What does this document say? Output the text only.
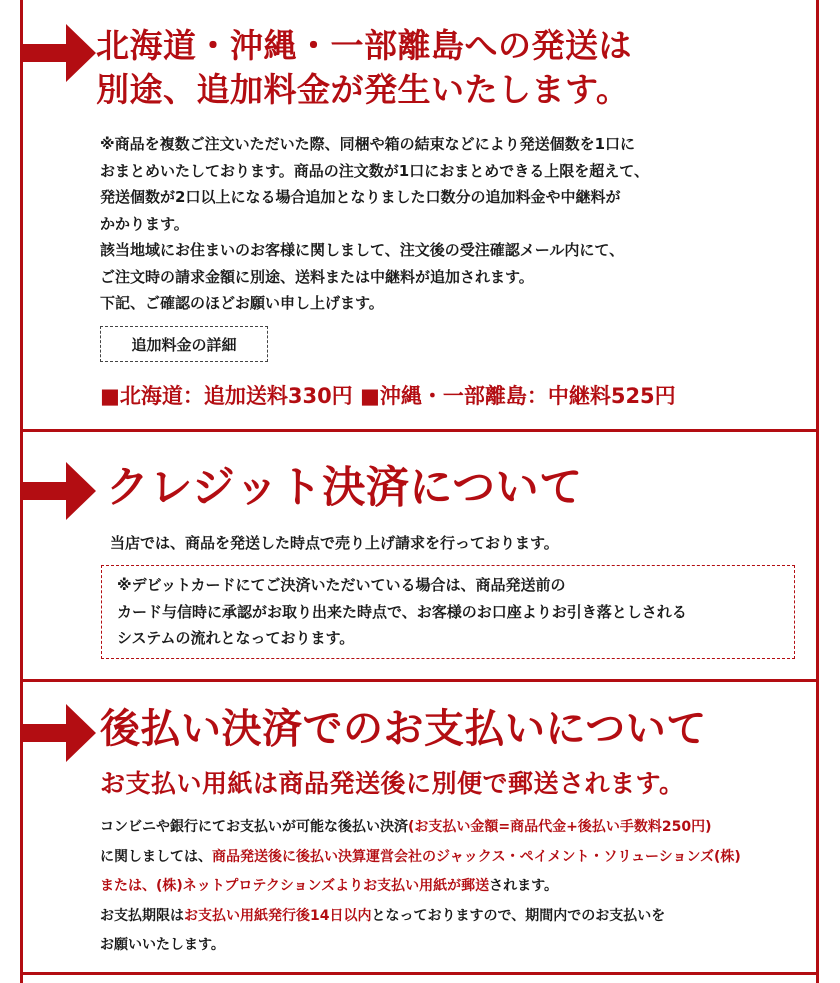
北海道・沖縄・一部離島への発送は
別途、追加料金が発生いたします。
※商品を複数ご注文いただいた際、同梱や箱の結束などにより発送個数を1口に
おまとめいたしております。商品の注文数が1口におまとめできる上限を超えて、
発送個数が2口以上になる場合追加となりました口数分の追加料金や中継料が
かかります。
該当地域にお住まいのお客様に関しまして、注文後の受注確認メール内にて、
ご注文時の請求金額に別途、送料または中継料が追加されます。
下記、ご確認のほどお願い申し上げます。
追加料金の詳細

■北海道：追加送料330円 ■沖縄・一部離島：中継料525円

クレジット決済について

当店では、商品を発送した時点で売り上げ請求を行っております。

※デビットカードにてご決済いただいている場合は、商品発送前の
カード与信時に承認がお取り出来た時点で、お客様のお口座よりお引き落としされる
システムの流れとなっております。
後払い決済でのお支払いについて

お支払い用紙は商品発送後に別便で郵送されます。

コンビニや銀行にてお支払いが可能な後払い決済(お支払い金額=商品代金+後払い手数料250円)
に関しましては、商品発送後に後払い決算運営会社のジャックス・ペイメント・ソリューションズ(株)
または、(株)ネットプロテクションズよりお支払い用紙が郵送されます。
お支払期限はお支払い用紙発行後14日以内となっておりますので、期間内でのお支払いを
お願いいたします。
